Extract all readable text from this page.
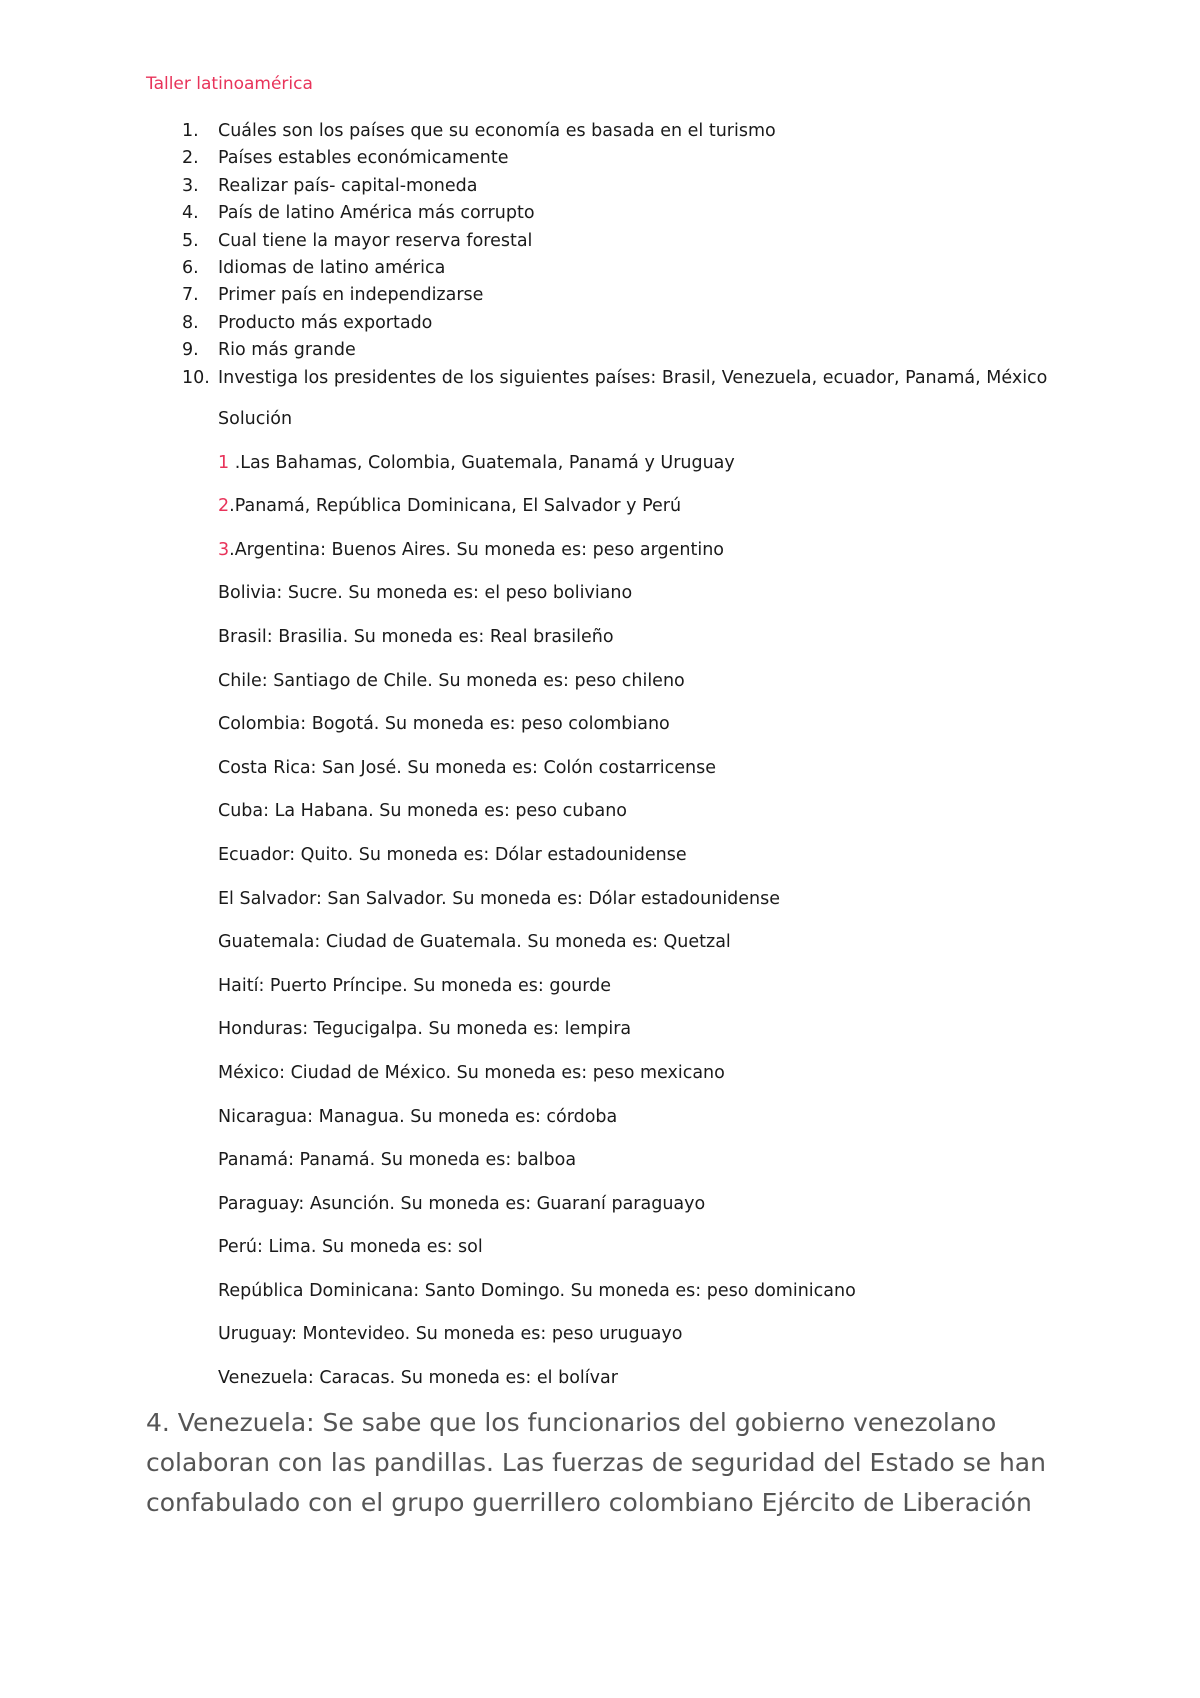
Taller latinoamérica
1.	Cuáles son los países que su economía es basada en el turismo
2.	Países estables económicamente
3.	Realizar país- capital-moneda
4.	País de latino América más corrupto
5.	Cual tiene la mayor reserva forestal
6.	Idiomas de latino américa
7.	Primer país en independizarse
8.	Producto más exportado
9.	Rio más grande
10. Investiga los presidentes de los siguientes países: Brasil, Venezuela, ecuador, Panamá, México
Solución
1 .Las Bahamas, Colombia, Guatemala, Panamá y Uruguay
2.Panamá, República Dominicana, El Salvador y Perú
3.Argentina: Buenos Aires. Su moneda es: peso argentino
Bolivia: Sucre. Su moneda es: el peso boliviano
Brasil: Brasilia. Su moneda es: Real brasileño
Chile: Santiago de Chile. Su moneda es: peso chileno
Colombia: Bogotá. Su moneda es: peso colombiano
Costa Rica: San José. Su moneda es: Colón costarricense
Cuba: La Habana. Su moneda es: peso cubano
Ecuador: Quito. Su moneda es: Dólar estadounidense
El Salvador: San Salvador. Su moneda es: Dólar estadounidense
Guatemala: Ciudad de Guatemala. Su moneda es: Quetzal
Haití: Puerto Príncipe. Su moneda es: gourde
Honduras: Tegucigalpa. Su moneda es: lempira
México: Ciudad de México. Su moneda es: peso mexicano
Nicaragua: Managua. Su moneda es: córdoba
Panamá: Panamá. Su moneda es: balboa
Paraguay: Asunción. Su moneda es: Guaraní paraguayo
Perú: Lima. Su moneda es: sol
República Dominicana: Santo Domingo. Su moneda es: peso dominicano
Uruguay: Montevideo. Su moneda es: peso uruguayo
Venezuela: Caracas. Su moneda es: el bolívar
4. Venezuela: Se sabe que los funcionarios del gobierno venezolano colaboran con las pandillas. Las fuerzas de seguridad del Estado se han confabulado con el grupo guerrillero colombiano Ejército de Liberación
